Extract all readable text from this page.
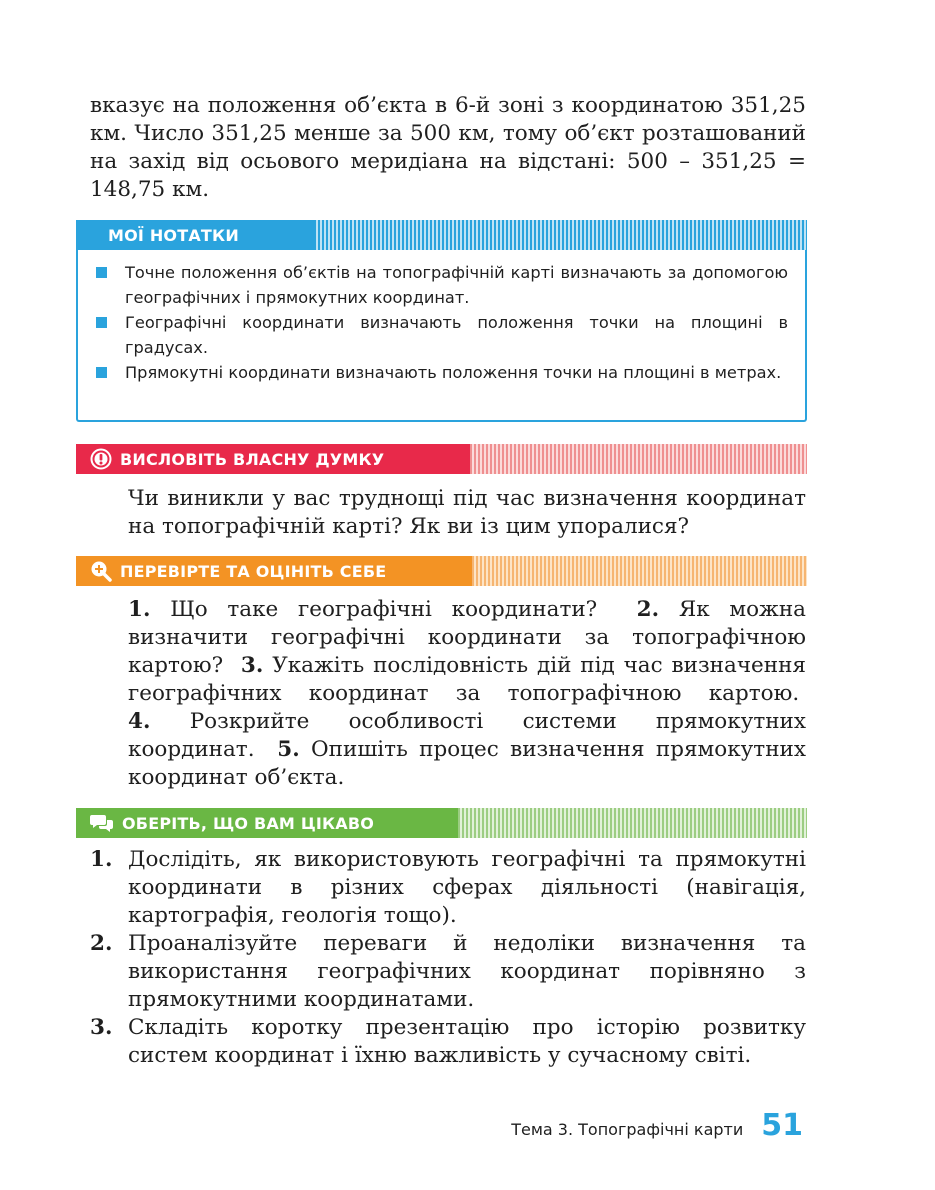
вказує на положення об’єкта в 6-й зоні з координатою 351,25 км. Число 351,25 менше за 500 км, тому об’єкт розташований на захід від осьового меридіана на відстані: 500 – 351,25 = 148,75 км.

МОЇ НОТАТКИ
Точне положення об’єктів на топографічній карті визначають за допомогою географічних і прямокутних координат.
Географічні координати визначають положення точки на площині в градусах.
Прямокутні координати визначають положення точки на площині в метрах.
ВИСЛОВІТЬ ВЛАСНУ ДУМКУ

Чи виникли у вас труднощі під час визначення координат на топографічній карті? Як ви із цим упоралися?

ПЕРЕВІРТЕ ТА ОЦІНІТЬ СЕБЕ

1. Що таке географічні координати? 2. Як можна визначити географічні координати за топографічною картою? 3. Укажіть послідовність дій під час визначення географічних координат за топографічною картою.  4. Розкрийте особливості системи прямокутних координат. 5. Опишіть процес визначення прямокутних координат об’єкта.

ОБЕРІТЬ, ЩО ВАМ ЦІКАВО
1. Дослідіть, як використовують географічні та прямокутні координати в різних сферах діяльності (навігація, картографія, геологія тощо).
2. Проаналізуйте переваги й недоліки визначення та використання географічних координат порівняно з прямокутними координатами.
3. Складіть коротку презентацію про історію розвитку систем координат і їхню важливість у сучасному світі.
Тема 3. Топографічні карти 51
